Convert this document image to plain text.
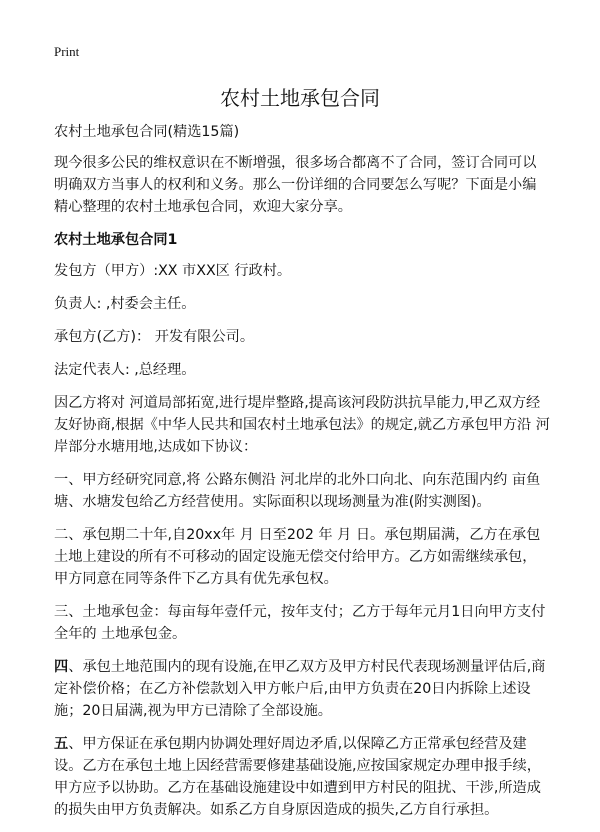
Print
农村土地承包合同

农村土地承包合同(精选15篇)

现今很多公民的维权意识在不断增强，很多场合都离不了合同，签订合同可以明确双方当事人的权利和义务。那么一份详细的合同要怎么写呢？下面是小编精心整理的农村土地承包合同，欢迎大家分享。

农村土地承包合同1

发包方（甲方）:XX 市XX区 行政村。

负责人: ,村委会主任。

承包方(乙方)： 开发有限公司。

法定代表人: ,总经理。

因乙方将对 河道局部拓宽,进行堤岸整路,提高该河段防洪抗旱能力,甲乙双方经友好协商,根据《中华人民共和国农村土地承包法》的规定,就乙方承包甲方沿 河岸部分水塘用地,达成如下协议：

一、甲方经研究同意,将 公路东侧沿 河北岸的北外口向北、向东范围内约 亩鱼塘、水塘发包给乙方经营使用。实际面积以现场测量为准(附实测图)。

二、承包期二十年,自20xx年 月 日至202 年 月 日。承包期届满，乙方在承包土地上建设的所有不可移动的固定设施无偿交付给甲方。乙方如需继续承包，甲方同意在同等条件下乙方具有优先承包权。

三、土地承包金：每亩每年壹仟元，按年支付；乙方于每年元月1日向甲方支付全年的 土地承包金。

四、承包土地范围内的现有设施,在甲乙双方及甲方村民代表现场测量评估后,商定补偿价格；在乙方补偿款划入甲方帐户后,由甲方负责在20日内拆除上述设施；20日届满,视为甲方已清除了全部设施。

五、甲方保证在承包期内协调处理好周边矛盾,以保障乙方正常承包经营及建设。乙方在承包土地上因经营需要修建基础设施,应按国家规定办理申报手续，甲方应予以协助。乙方在基础设施建设中如遭到甲方村民的阻扰、干涉,所造成的损失由甲方负责解决。如系乙方自身原因造成的损失,乙方自行承担。
